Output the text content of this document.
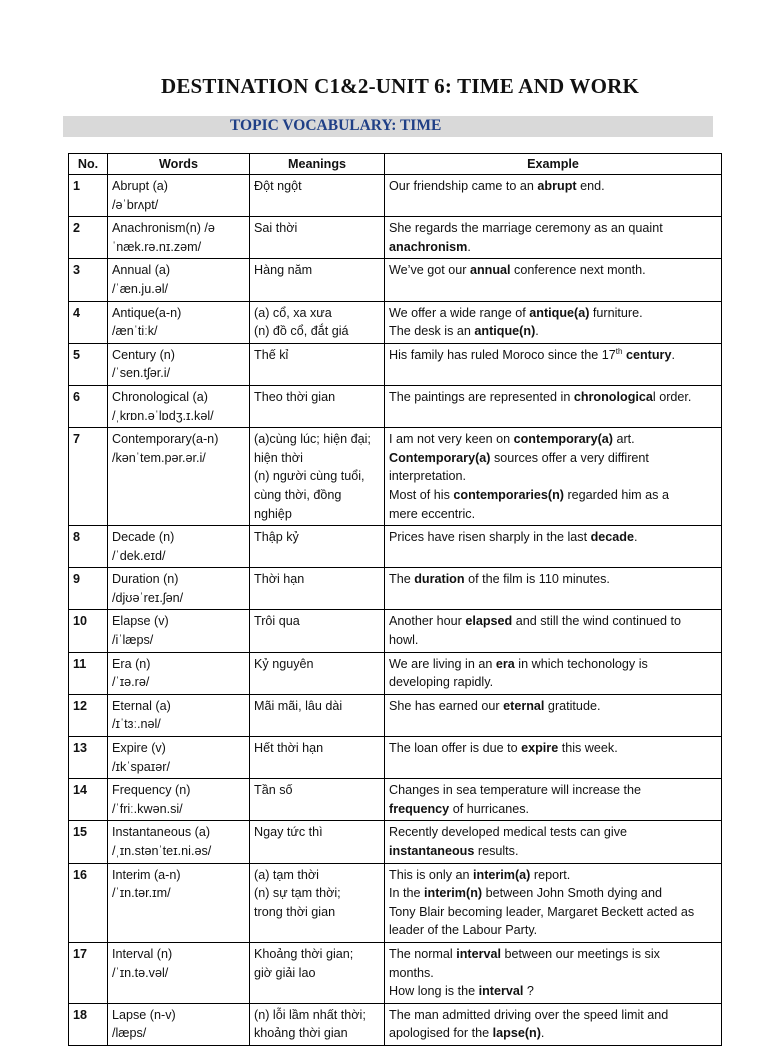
DESTINATION C1&2-UNIT 6: TIME AND WORK
TOPIC VOCABULARY: TIME
No.	Words	Meanings	Example
1	Abrupt (a)
/əˈbrʌpt/	Đột ngột	Our friendship came to an abrupt end.

2	Anachronism(n) /ə
ˈnæk.rə.nɪ.zəm/	Sai thời	She regards the marriage ceremony as an quaint
anachronism.

3	Annual (a)
/ˈæn.ju.əl/	Hàng năm	We’ve got our annual conference next month.

4	Antique(a-n)
/ænˈtiːk/	(a) cổ, xa xưa
(n) đồ cổ, đắt giá	We offer a wide range of antique(a) furniture.
The desk is an antique(n).

5	Century (n)
/ˈsen.tʃər.i/	Thế kỉ	His family has ruled Moroco since the 17th century.

6	Chronological (a)
/ˌkrɒn.əˈlɒdʒ.ɪ.kəl/	Theo thời gian	The paintings are represented in chronological order.

7	Contemporary(a-n)
/kənˈtem.pər.ər.i/	(a)cùng lúc; hiện đại;
hiện thời
(n) người cùng tuổi,
cùng thời, đồng
nghiệp	I am not very keen on contemporary(a) art.
Contemporary(a) sources offer a very diffirent
interpretation.
Most of his contemporaries(n) regarded him as a
mere eccentric.

8	Decade (n)
/ˈdek.eɪd/	Thập kỷ	Prices have risen sharply in the last decade.

9	Duration (n)
/djʊəˈreɪ.ʃən/	Thời hạn	The duration of the film is 110 minutes.

10	Elapse (v)
/iˈlæps/	Trôi qua	Another hour elapsed and still the wind continued to
howl.

11	Era (n)
/ˈɪə.rə/	Kỷ nguyên	We are living in an era in which techonology is
developing rapidly.

12	Eternal (a)
/ɪˈtɜː.nəl/	Mãi mãi, lâu dài	She has earned our eternal gratitude.

13	Expire (v)
/ɪkˈspaɪər/	Hết thời hạn	The loan offer is due to expire this week.

14	Frequency (n)
/ˈfriː.kwən.si/	Tần số	Changes in sea temperature will increase the
frequency of hurricanes.

15	Instantaneous (a)
/ˌɪn.stənˈteɪ.ni.əs/	Ngay tức thì	Recently developed medical tests can give
instantaneous results.

16	Interim (a-n)
/ˈɪn.tər.ɪm/	(a) tạm thời
(n) sự tạm thời;
trong thời gian	This is only an interim(a) report.
In the interim(n) between John Smoth dying and
Tony Blair becoming leader, Margaret Beckett acted as
leader of the Labour Party.

17	Interval (n)
/ˈɪn.tə.vəl/	Khoảng thời gian;
giờ giải lao	The normal interval between our meetings is six
months.
How long is the interval ?

18	Lapse (n-v)
/læps/	(n) lỗi lầm nhất thời;
khoảng thời gian	The man admitted driving over the speed limit and
apologised for the lapse(n).
